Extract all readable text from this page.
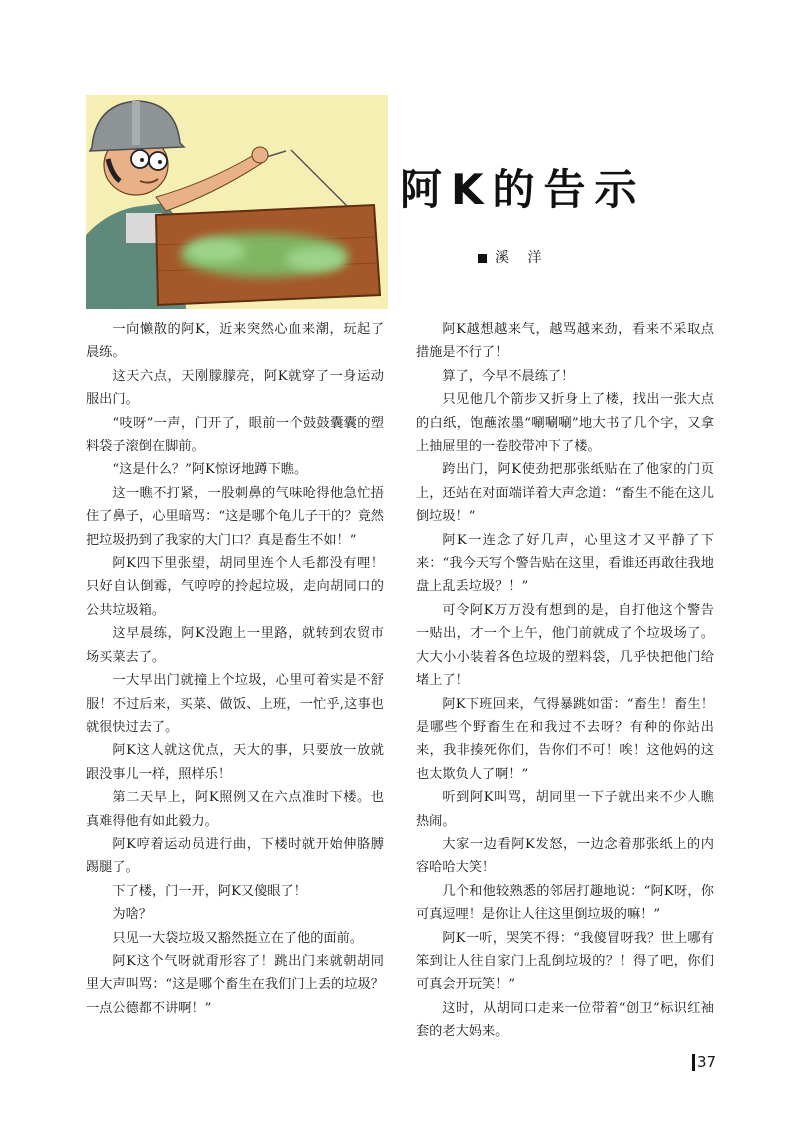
阿K的告示
溪 洋

一向懒散的阿K，近来突然心血来潮，玩起了晨练。

这天六点，天刚朦朦亮，阿K就穿了一身运动服出门。

“吱呀”一声，门开了，眼前一个鼓鼓囊囊的塑料袋子滚倒在脚前。

“这是什么？”阿K惊讶地蹲下瞧。

这一瞧不打紧，一股刺鼻的气味呛得他急忙捂住了鼻子，心里暗骂：“这是哪个龟儿子干的？竟然把垃圾扔到了我家的大门口？真是畜生不如！”

阿K四下里张望，胡同里连个人毛都没有哩！只好自认倒霉，气哼哼的拎起垃圾，走向胡同口的公共垃圾箱。

这早晨练，阿K没跑上一里路，就转到农贸市场买菜去了。

一大早出门就撞上个垃圾，心里可着实是不舒服！不过后来，买菜、做饭、上班，一忙乎,这事也就很快过去了。

阿K这人就这优点，天大的事，只要放一放就跟没事儿一样，照样乐！

第二天早上，阿K照例又在六点准时下楼。也真难得他有如此毅力。

阿K哼着运动员进行曲，下楼时就开始伸胳膊踢腿了。

下了楼，门一开，阿K又傻眼了！

为啥？

只见一大袋垃圾又豁然挺立在了他的面前。

阿K这个气呀就甭形容了！跳出门来就朝胡同里大声叫骂：“这是哪个畜生在我们门上丢的垃圾？一点公德都不讲啊！”

阿K越想越来气，越骂越来劲，看来不采取点措施是不行了！

算了，今早不晨练了！

只见他几个箭步又折身上了楼，找出一张大点的白纸，饱蘸浓墨“唰唰唰”地大书了几个字，又拿上抽屉里的一卷胶带冲下了楼。

跨出门，阿K使劲把那张纸贴在了他家的门页上，还站在对面端详着大声念道：“畜生不能在这儿倒垃圾！”

阿K一连念了好几声，心里这才又平静了下来：“我今天写个警告贴在这里，看谁还再敢往我地盘上乱丢垃圾？！”

可令阿K万万没有想到的是，自打他这个警告一贴出，才一个上午，他门前就成了个垃圾场了。大大小小装着各色垃圾的塑料袋，几乎快把他门给堵上了！

阿K下班回来，气得暴跳如雷：“畜生！畜生！是哪些个野畜生在和我过不去呀？有种的你站出来，我非揍死你们，告你们不可！唉！这他妈的这也太欺负人了啊！”

听到阿K叫骂，胡同里一下子就出来不少人瞧热闹。

大家一边看阿K发怒，一边念着那张纸上的内容哈哈大笑！

几个和他较熟悉的邻居打趣地说：“阿K呀，你可真逗哩！是你让人往这里倒垃圾的嘛！”

阿K一听，哭笑不得：“我傻冒呀我？世上哪有笨到让人往自家门上乱倒垃圾的？！得了吧，你们可真会开玩笑！”

这时，从胡同口走来一位带着“创卫”标识红袖套的老大妈来。

37
